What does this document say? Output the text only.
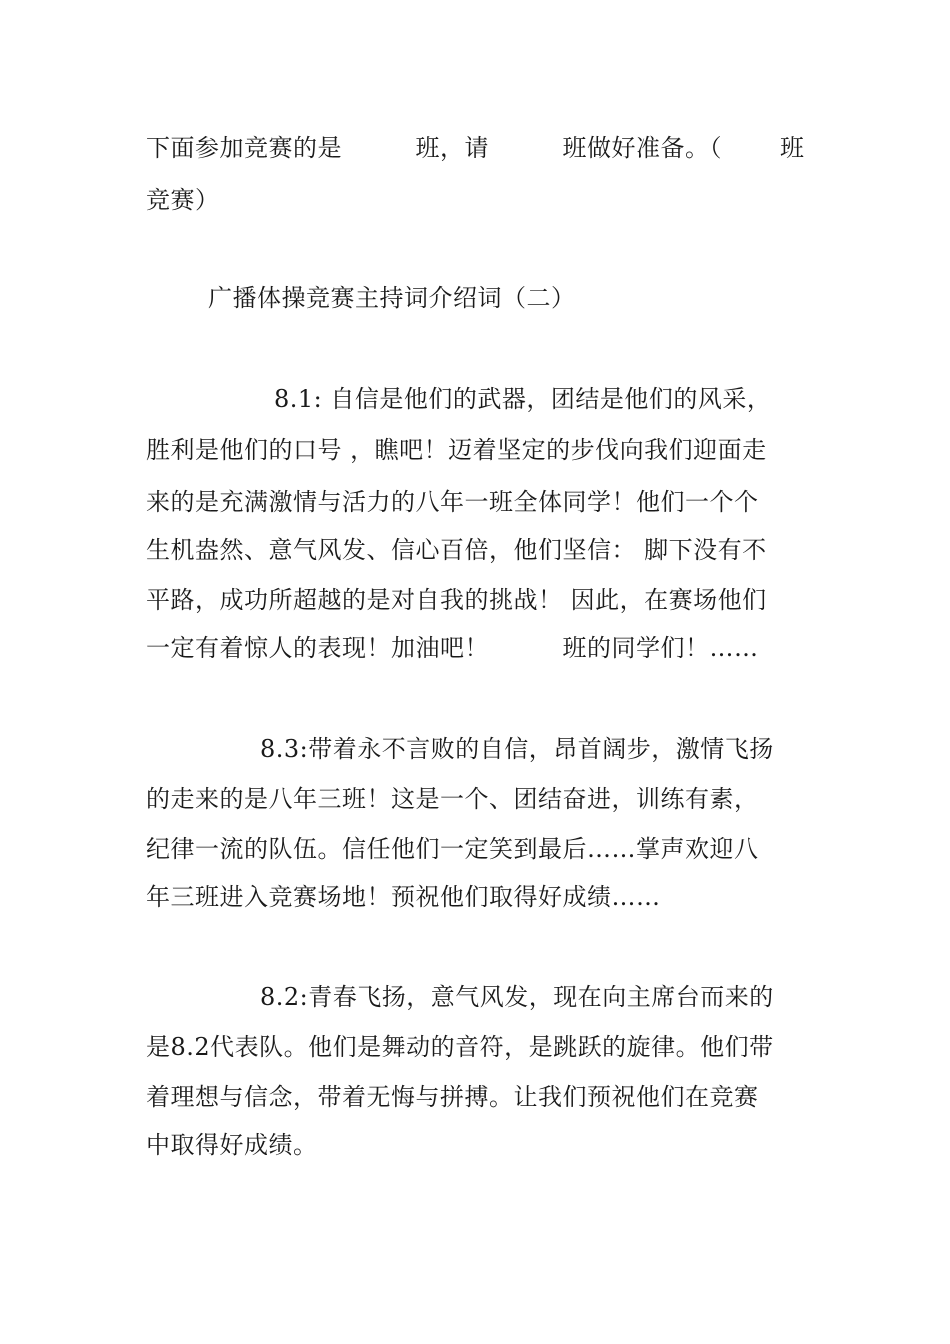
下面参加竞赛的是　　　班，请　　　班做好准备。（ 班
竞赛）
广播体操竞赛主持词介绍词（二）
8.1: 自信是他们的武器，团结是他们的风采，
胜利是他们的口号 ，瞧吧！迈着坚定的步伐向我们迎面走
来的是充满激情与活力的八年一班全体同学！他们一个个
生机盎然、意气风发、信心百倍，他们坚信： 脚下没有不
平路，成功所超越的是对自我的挑战！ 因此，在赛场他们
一定有着惊人的表现！加油吧！　　　班的同学们！……
8.3:带着永不言败的自信，昂首阔步，激情飞扬
的走来的是八年三班！这是一个、团结奋进，训练有素，
纪律一流的队伍。信任他们一定笑到最后……掌声欢迎八
年三班进入竞赛场地！预祝他们取得好成绩……
8.2:青春飞扬，意气风发，现在向主席台而来的
是8.2代表队。他们是舞动的音符，是跳跃的旋律。他们带
着理想与信念，带着无悔与拼搏。让我们预祝他们在竞赛
中取得好成绩。
